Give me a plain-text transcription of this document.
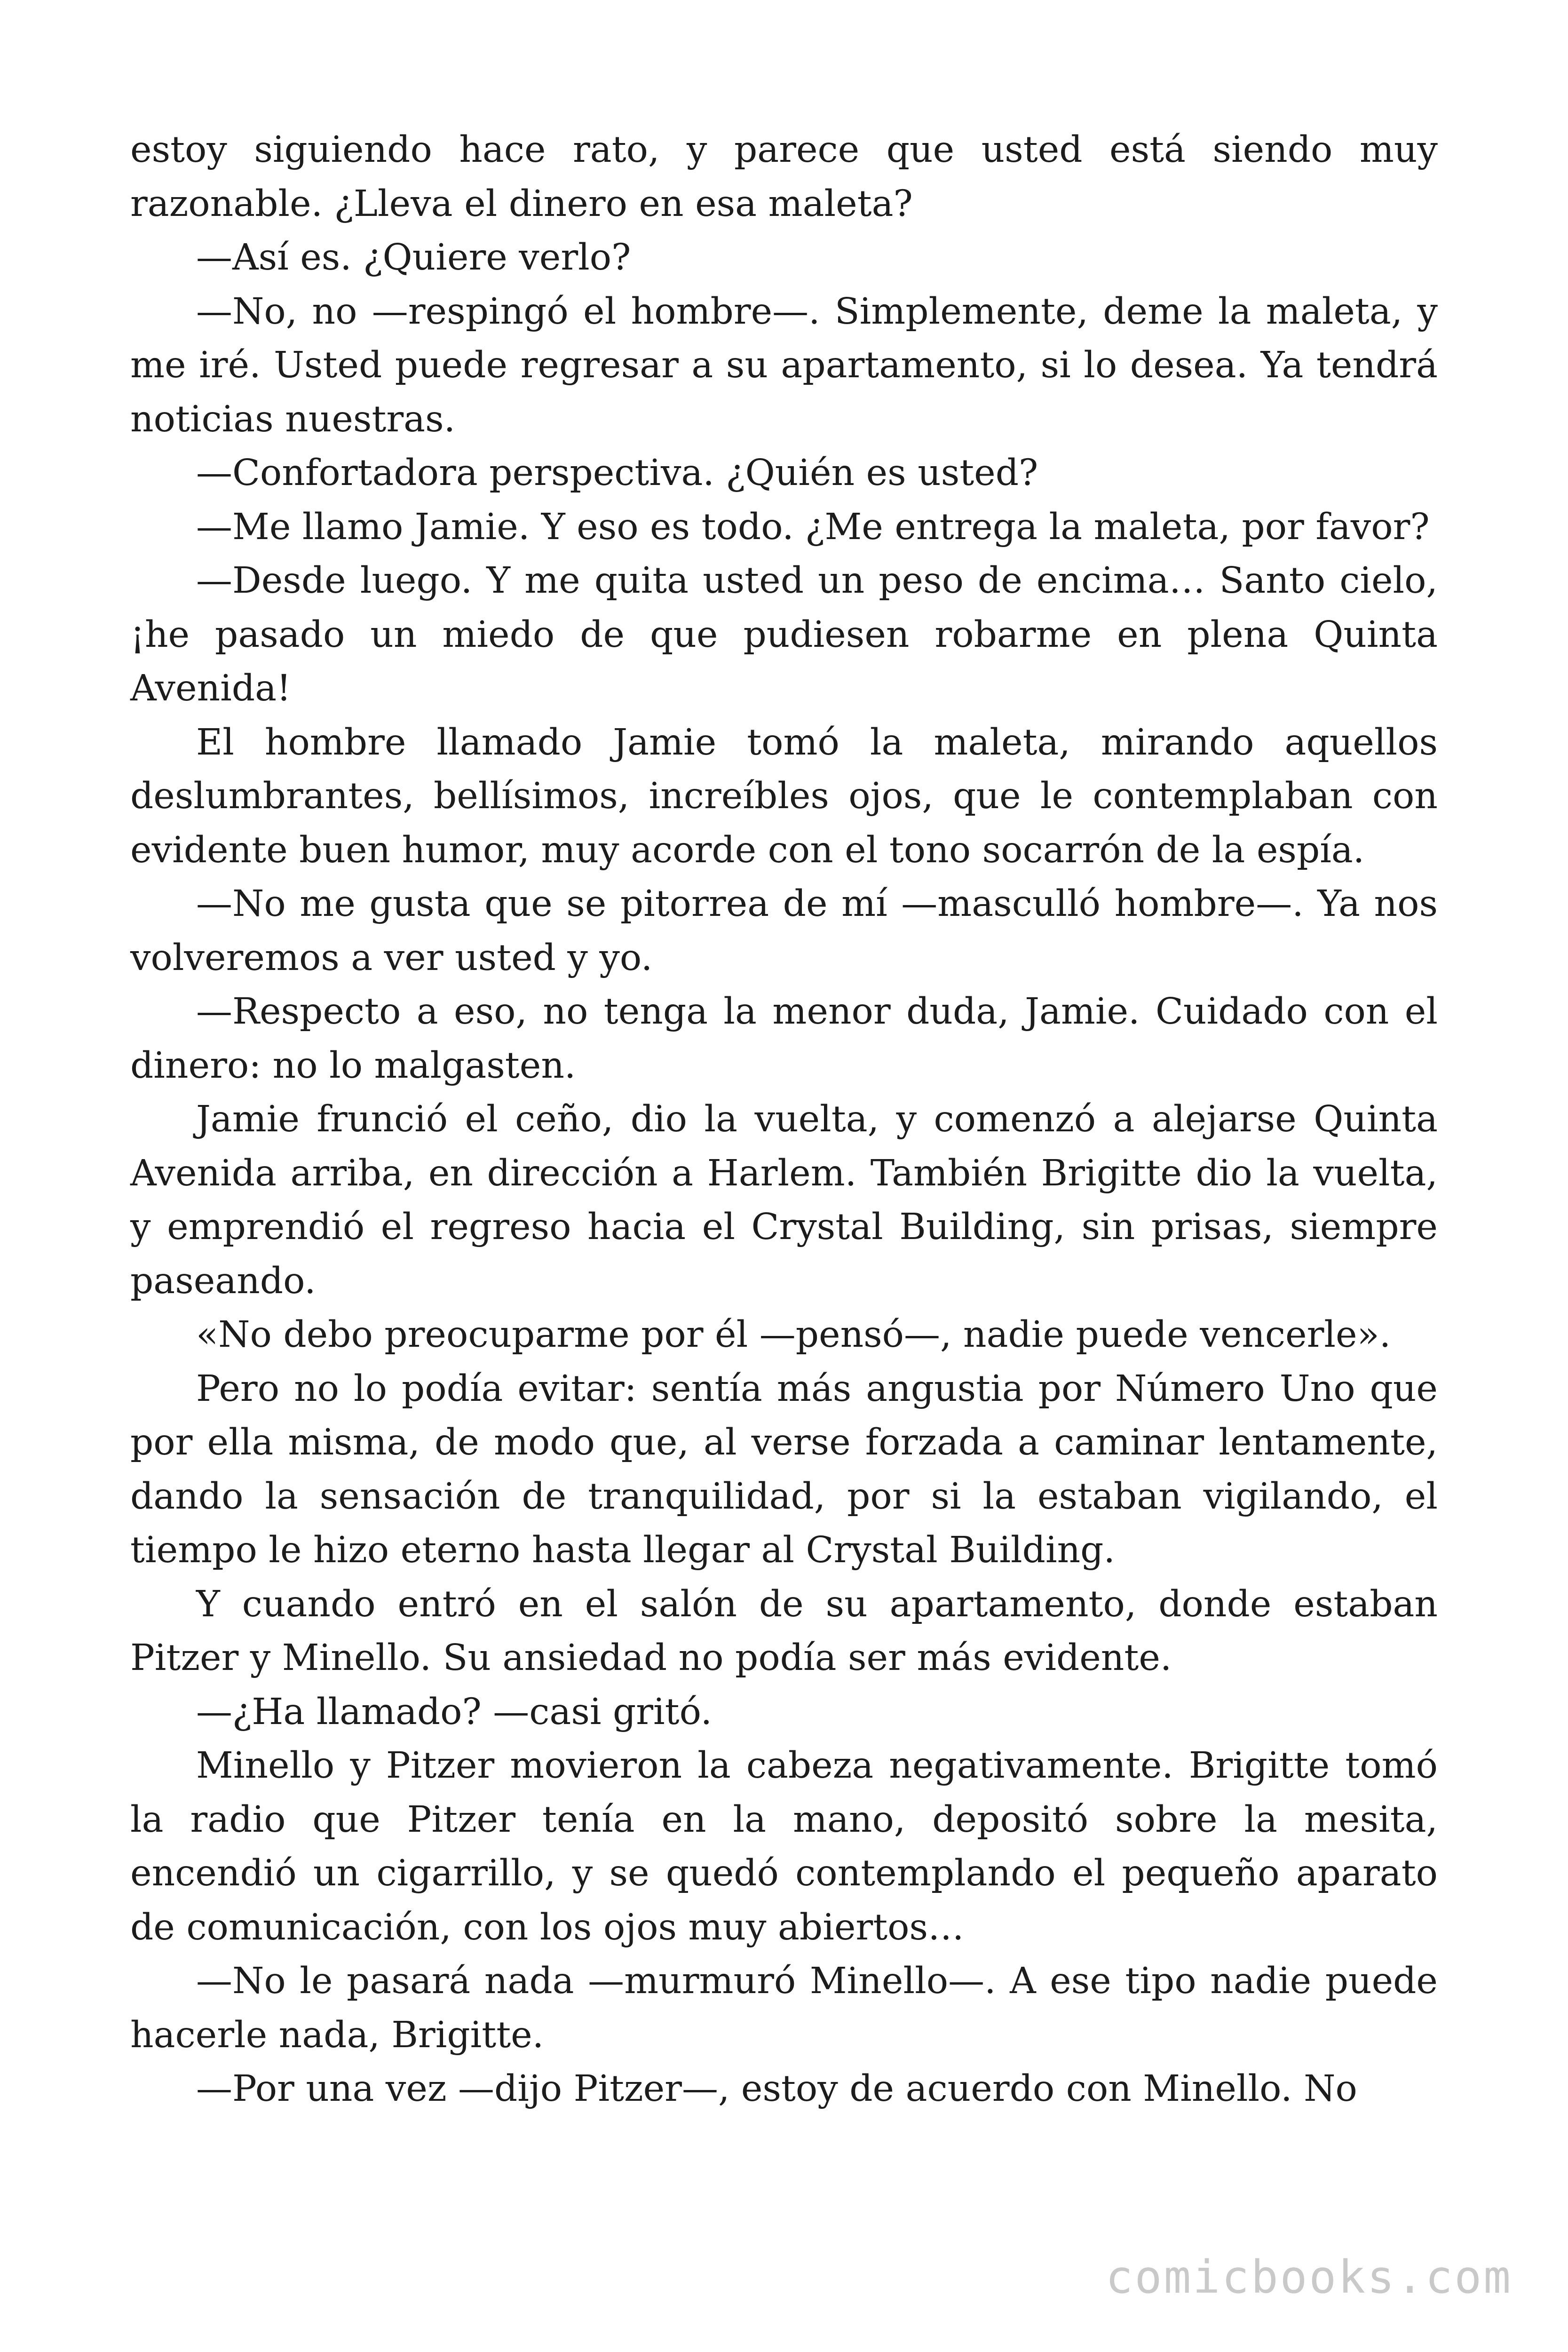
estoy siguiendo hace rato, y parece que usted está siendo muy razonable. ¿Lleva el dinero en esa maleta?

—Así es. ¿Quiere verlo?

—No, no —respingó el hombre—. Simplemente, deme la maleta, y me iré. Usted puede regresar a su apartamento, si lo desea. Ya tendrá noticias nuestras.

—Confortadora perspectiva. ¿Quién es usted?

—Me llamo Jamie. Y eso es todo. ¿Me entrega la maleta, por favor?

—Desde luego. Y me quita usted un peso de encima… Santo cielo, ¡he pasado un miedo de que pudiesen robarme en plena Quinta Avenida!

El hombre llamado Jamie tomó la maleta, mirando aquellos deslumbrantes, bellísimos, increíbles ojos, que le contemplaban con evidente buen humor, muy acorde con el tono socarrón de la espía.

—No me gusta que se pitorrea de mí —masculló hombre—. Ya nos volveremos a ver usted y yo.

—Respecto a eso, no tenga la menor duda, Jamie. Cuidado con el dinero: no lo malgasten.

Jamie frunció el ceño, dio la vuelta, y comenzó a alejarse Quinta Avenida arriba, en dirección a Harlem. También Brigitte dio la vuelta, y emprendió el regreso hacia el Crystal Building, sin prisas, siempre paseando.

«No debo preocuparme por él —pensó—, nadie puede vencerle».

Pero no lo podía evitar: sentía más angustia por Número Uno que por ella misma, de modo que, al verse forzada a caminar lentamente, dando la sensación de tranquilidad, por si la estaban vigilando, el tiempo le hizo eterno hasta llegar al Crystal Building.

Y cuando entró en el salón de su apartamento, donde estaban Pitzer y Minello. Su ansiedad no podía ser más evidente.

—¿Ha llamado? —casi gritó.

Minello y Pitzer movieron la cabeza negativamente. Brigitte tomó la radio que Pitzer tenía en la mano, depositó sobre la mesita, encendió un cigarrillo, y se quedó contemplando el pequeño aparato de comunicación, con los ojos muy abiertos…

—No le pasará nada —murmuró Minello—. A ese tipo nadie puede hacerle nada, Brigitte.

—Por una vez —dijo Pitzer—, estoy de acuerdo con Minello. No

comicbooks.com
